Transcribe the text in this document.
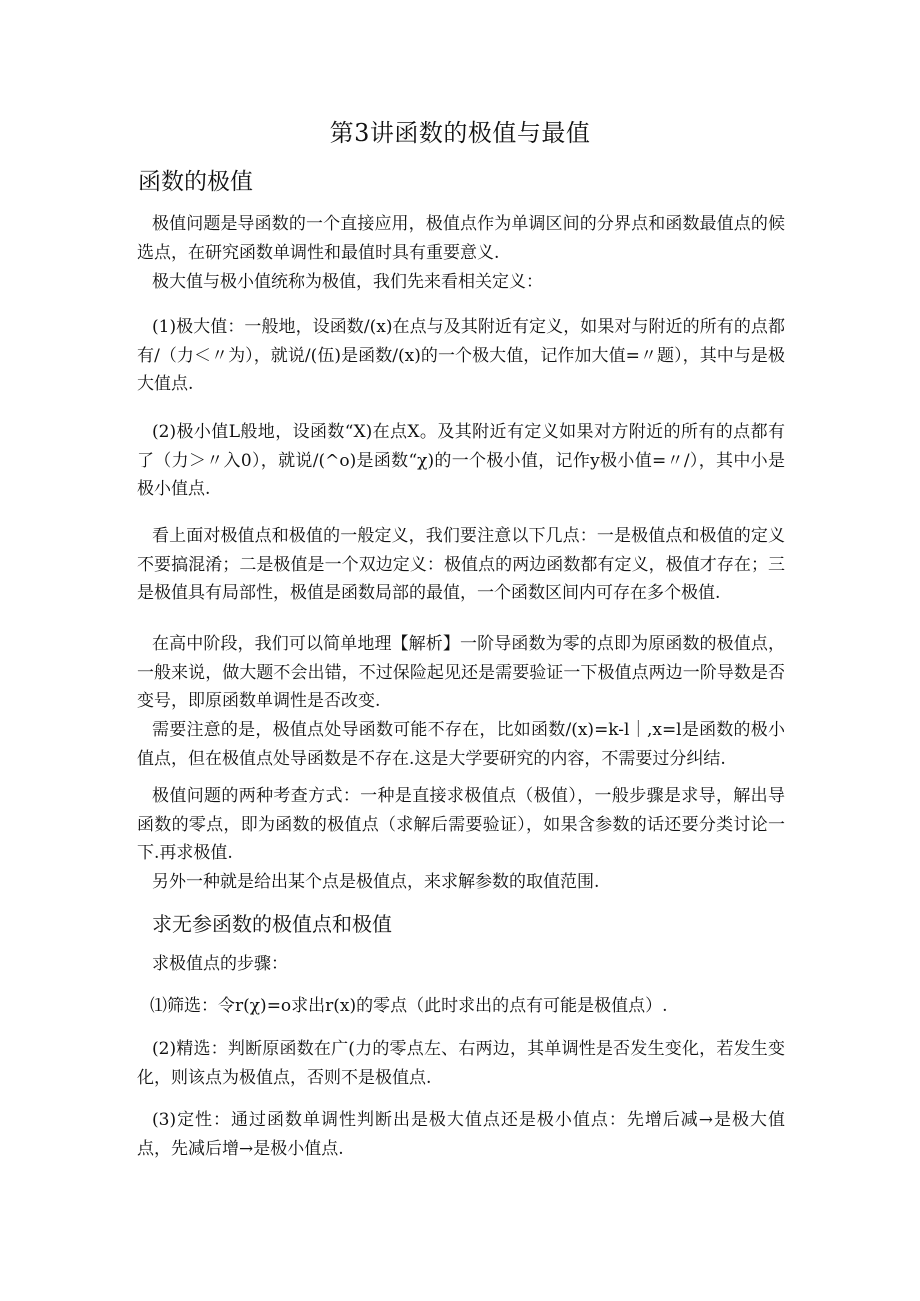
第3讲函数的极值与最值
函数的极值
极值问题是导函数的一个直接应用，极值点作为单调区间的分界点和函数最值点的候选点，在研究函数单调性和最值时具有重要意义.
极大值与极小值统称为极值，我们先来看相关定义：
(1)极大值：一般地，设函数/(x)在点与及其附近有定义，如果对与附近的所有的点都有/（力＜〃为），就说/(伍)是函数/(x)的一个极大值，记作加大值=〃题），其中与是极大值点.
(2)极小值L般地，设函数“X)在点X。及其附近有定义如果对方附近的所有的点都有了（力＞〃入0），就说/(^o)是函数“χ)的一个极小值，记作y极小值=〃/），其中小是极小值点.
看上面对极值点和极值的一般定义，我们要注意以下几点：一是极值点和极值的定义不要搞混淆；二是极值是一个双边定义：极值点的两边函数都有定义，极值才存在；三是极值具有局部性，极值是函数局部的最值，一个函数区间内可存在多个极值.
在高中阶段，我们可以简单地理【解析】一阶导函数为零的点即为原函数的极值点，一般来说，做大题不会出错，不过保险起见还是需要验证一下极值点两边一阶导数是否变号，即原函数单调性是否改变.
需要注意的是，极值点处导函数可能不存在，比如函数/(x)=k-l｜,x=l是函数的极小值点，但在极值点处导函数是不存在.这是大学要研究的内容，不需要过分纠结.
极值问题的两种考查方式：一种是直接求极值点（极值），一般步骤是求导，解出导函数的零点，即为函数的极值点（求解后需要验证），如果含参数的话还要分类讨论一下.再求极值.
另外一种就是给出某个点是极值点，来求解参数的取值范围.
求无参函数的极值点和极值
求极值点的步骤：
⑴筛选：令r(χ)=o求出r(x)的零点（此时求出的点有可能是极值点）.
(2)精选：判断原函数在广(力的零点左、右两边，其单调性是否发生变化，若发生变化，则该点为极值点，否则不是极值点.
(3)定性：通过函数单调性判断出是极大值点还是极小值点：先增后减→是极大值点，先减后增→是极小值点.
